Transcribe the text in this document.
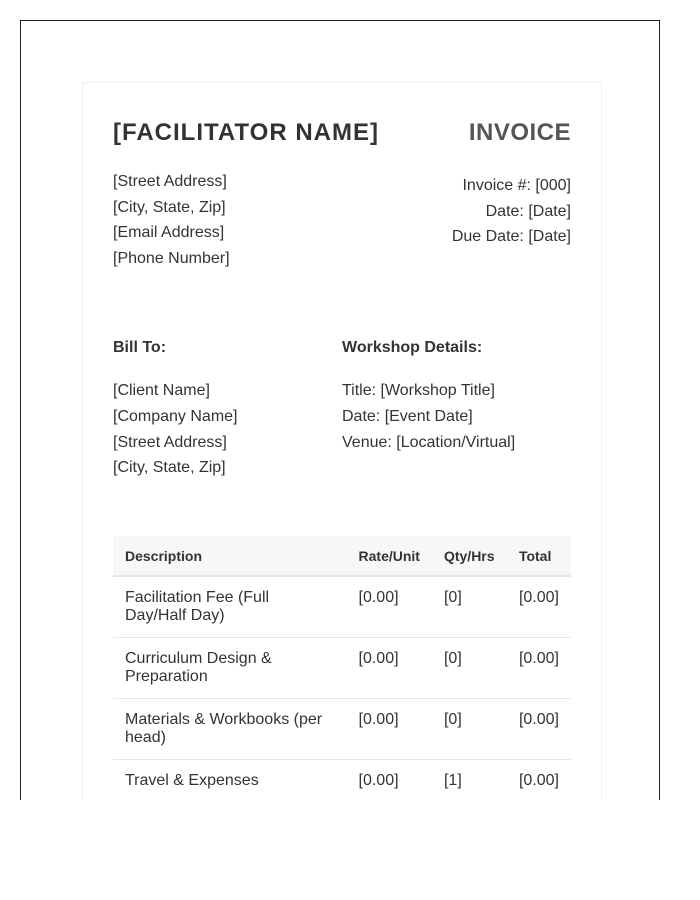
[FACILITATOR NAME]	INVOICE
[Street Address]
[City, State, Zip]
[Email Address]
[Phone Number]
Invoice #: [000]
Date: [Date]
Due Date: [Date]
Bill To:	Workshop Details:
[Client Name]
[Company Name]
[Street Address]
[City, State, Zip]
Title: [Workshop Title]
Date: [Event Date]
Venue: [Location/Virtual]
Description	Rate/Unit	Qty/Hrs	Total
Facilitation Fee (Full Day/Half Day)	[0.00]	[0]	[0.00]
Curriculum Design & Preparation	[0.00]	[0]	[0.00]
Materials & Workbooks (per head)	[0.00]	[0]	[0.00]
Travel & Expenses	[0.00]	[1]	[0.00]
